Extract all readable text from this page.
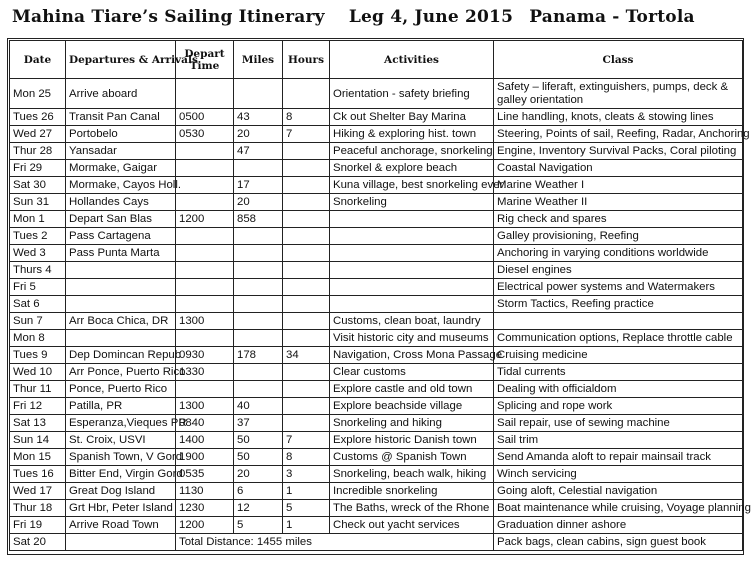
Mahina Tiare’s Sailing Itinerary Leg 4, June 2015 Panama - Tortola
Date	Departures & Arrivals	Depart Time	Miles	Hours	Activities	Class
Mon 25	Arrive aboard				Orientation - safety briefing	Safety – liferaft, extinguishers, pumps, deck & galley orientation
Tues 26	Transit Pan Canal	0500	43	8	Ck out Shelter Bay Marina	Line handling, knots, cleats & stowing lines
Wed 27	Portobelo	0530	20	7	Hiking & exploring hist. town	Steering, Points of sail, Reefing, Radar, Anchoring
Thur 28	Yansadar		47		Peaceful anchorage, snorkeling	Engine, Inventory Survival Packs, Coral piloting
Fri 29	Mormake, Gaigar				Snorkel & explore beach	Coastal Navigation
Sat 30	Mormake, Cayos Holl.		17		Kuna village, best snorkeling ever!	Marine Weather I
Sun 31	Hollandes Cays		20		Snorkeling	Marine Weather II
Mon 1	Depart San Blas	1200	858			Rig check and spares
Tues 2	Pass Cartagena					Galley provisioning, Reefing
Wed 3	Pass Punta Marta					Anchoring in varying conditions worldwide
Thurs 4						Diesel engines
Fri 5						Electrical power systems and Watermakers
Sat 6						Storm Tactics, Reefing practice
Sun 7	Arr Boca Chica, DR	1300			Customs, clean boat, laundry	
Mon 8					Visit historic city and museums	Communication options, Replace throttle cable
Tues 9	Dep Domincan Repub	0930	178	34	Navigation, Cross Mona Passage	Cruising medicine
Wed 10	Arr Ponce, Puerto Rico	1330			Clear customs	Tidal currents
Thur 11	Ponce, Puerto Rico				Explore castle and old town	Dealing with officialdom
Fri 12	Patilla, PR	1300	40		Explore beachside village	Splicing and rope work
Sat 13	Esperanza,Vieques PR	0840	37		Snorkeling and hiking	Sail repair, use of sewing machine
Sun 14	St. Croix, USVI	1400	50	7	Explore historic Danish town	Sail trim
Mon 15	Spanish Town, V Gord	1900	50	8	Customs @ Spanish Town	Send Amanda aloft to repair mainsail track
Tues 16	Bitter End, Virgin Gord	0535	20	3	Snorkeling, beach walk, hiking	Winch servicing
Wed 17	Great Dog Island	1130	6	1	Incredible snorkeling	Going aloft, Celestial navigation
Thur 18	Grt Hbr, Peter Island	1230	12	5	The Baths, wreck of the Rhone	Boat maintenance while cruising, Voyage planning
Fri 19	Arrive Road Town	1200	5	1	Check out yacht services	Graduation dinner ashore
Sat 20		Total Distance: 1455 miles				Pack bags, clean cabins, sign guest book
